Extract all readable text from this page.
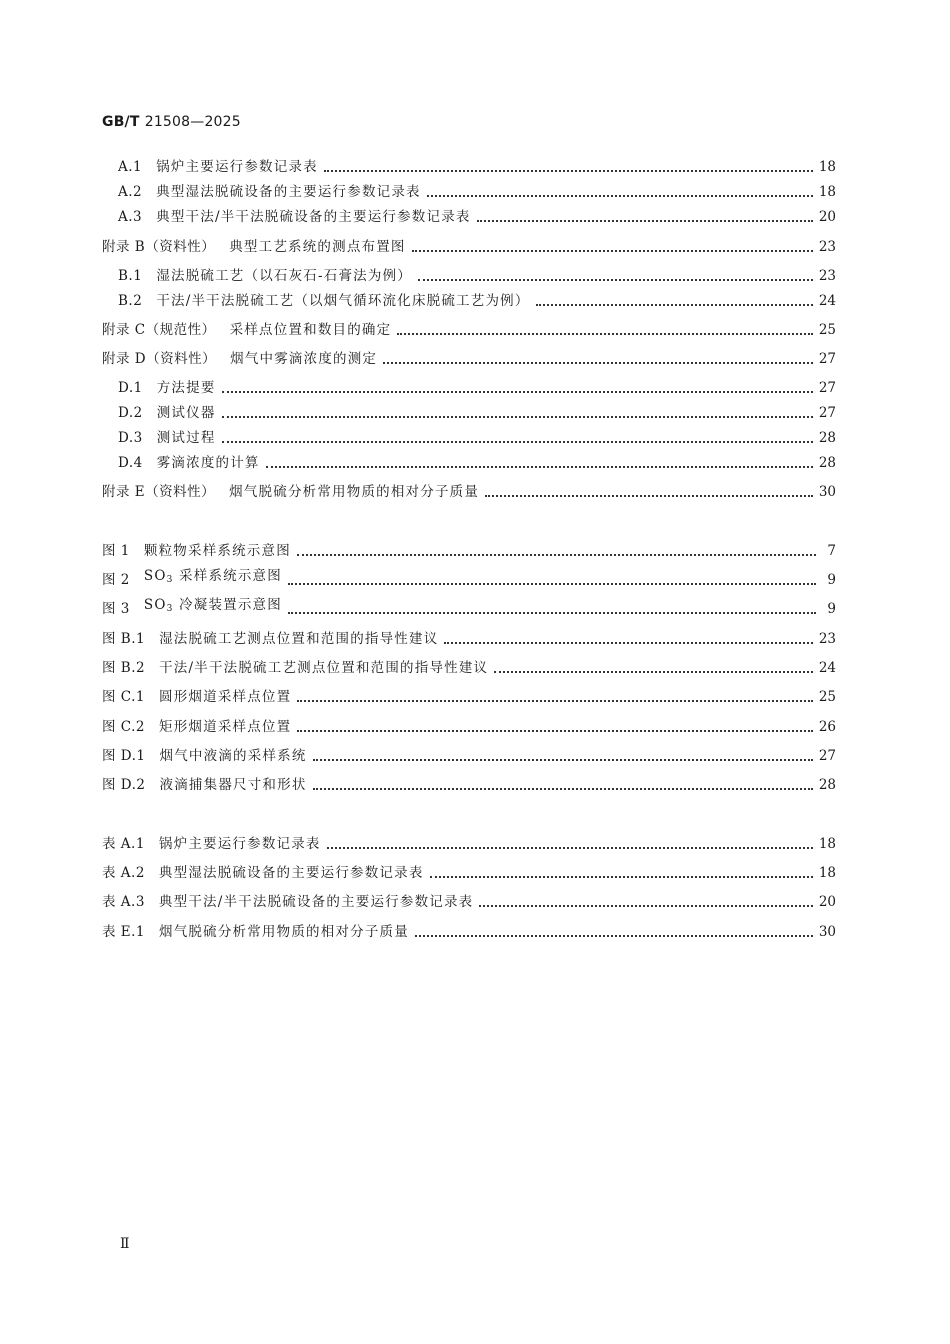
GB/T 21508—2025
A.1 锅炉主要运行参数记录表	18
A.2 典型湿法脱硫设备的主要运行参数记录表	18
A.3 典型干法/半干法脱硫设备的主要运行参数记录表	20
附录 B（资料性） 典型工艺系统的测点布置图	23
B.1 湿法脱硫工艺（以石灰石-石膏法为例）	23
B.2 干法/半干法脱硫工艺（以烟气循环流化床脱硫工艺为例）	24
附录 C（规范性） 采样点位置和数目的确定	25
附录 D（资料性） 烟气中雾滴浓度的测定	27
D.1 方法提要	27
D.2 测试仪器	27
D.3 测试过程	28
D.4 雾滴浓度的计算	28
附录 E（资料性） 烟气脱硫分析常用物质的相对分子质量	30
图 1 颗粒物采样系统示意图	7
图 2 $SO_3$ 采样系统示意图	9
图 3 $SO_3$ 冷凝装置示意图	9
图 B.1 湿法脱硫工艺测点位置和范围的指导性建议	23
图 B.2 干法/半干法脱硫工艺测点位置和范围的指导性建议	24
图 C.1 圆形烟道采样点位置	25
图 C.2 矩形烟道采样点位置	26
图 D.1 烟气中液滴的采样系统	27
图 D.2 液滴捕集器尺寸和形状	28
表 A.1 锅炉主要运行参数记录表	18
表 A.2 典型湿法脱硫设备的主要运行参数记录表	18
表 A.3 典型干法/半干法脱硫设备的主要运行参数记录表	20
表 E.1 烟气脱硫分析常用物质的相对分子质量	30
Ⅱ
